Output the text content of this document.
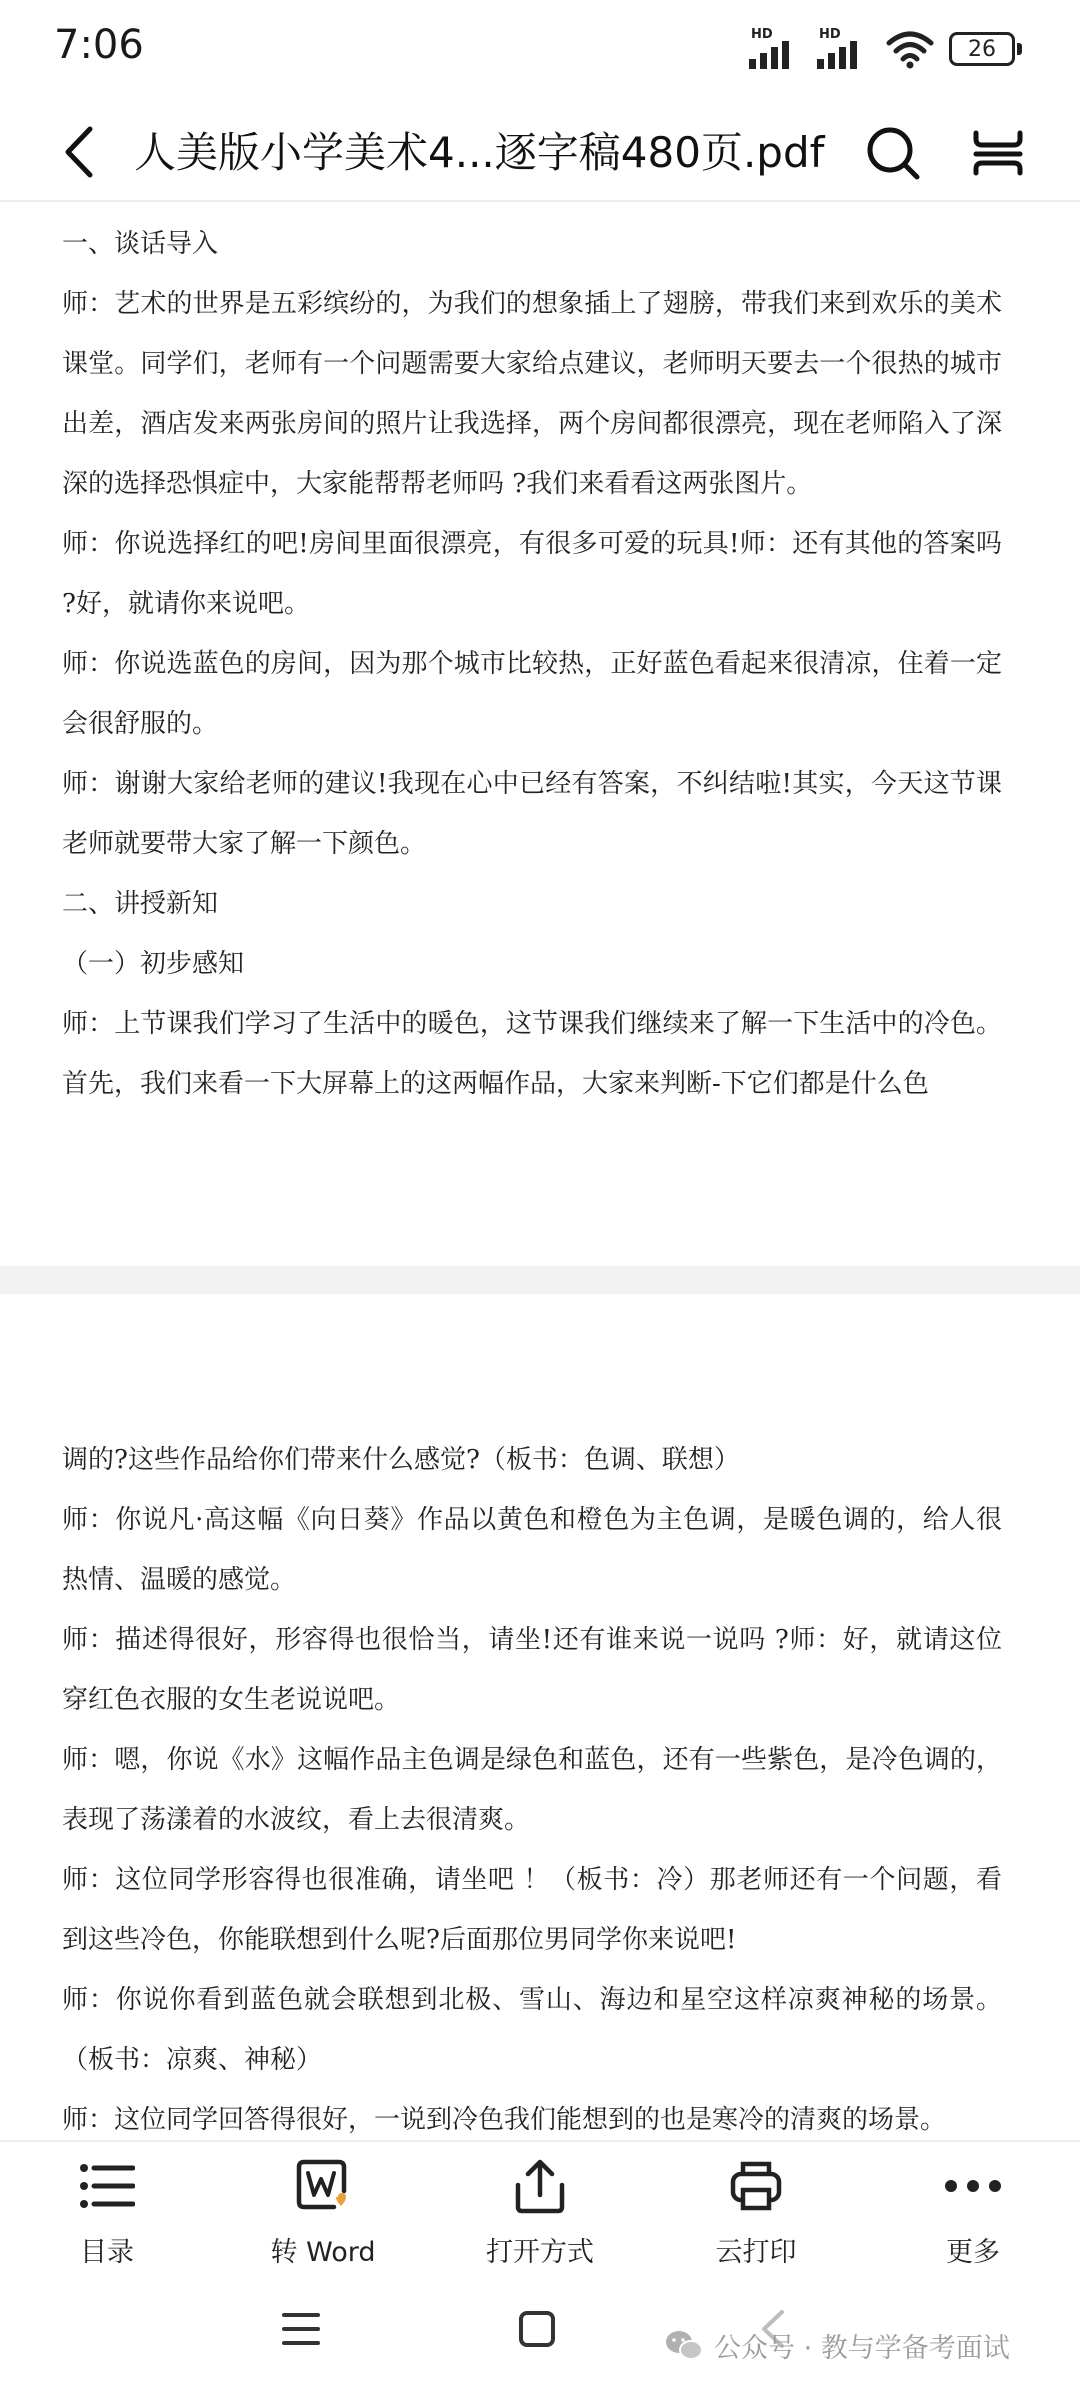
7:06	HD	HD
26
人美版小学美术4...逐字稿480页.pdf

一、谈话导入

师：艺术的世界是五彩缤纷的，为我们的想象插上了翅膀，带我们来到欢乐的美术课堂。同学们，老师有一个问题需要大家给点建议，老师明天要去一个很热的城市出差，酒店发来两张房间的照片让我选择，两个房间都很漂亮，现在老师陷入了深深的选择恐惧症中，大家能帮帮老师吗 ?我们来看看这两张图片。

师：你说选择红的吧!房间里面很漂亮，有很多可爱的玩具!师：还有其他的答案吗 ?好，就请你来说吧。

师：你说选蓝色的房间，因为那个城市比较热，正好蓝色看起来很清凉，住着一定会很舒服的。

师：谢谢大家给老师的建议!我现在心中已经有答案，不纠结啦!其实，今天这节课老师就要带大家了解一下颜色。

二、讲授新知

（一）初步感知

师：上节课我们学习了生活中的暖色，这节课我们继续来了解一下生活中的冷色。首先，我们来看一下大屏幕上的这两幅作品，大家来判断-下它们都是什么色

调的?这些作品给你们带来什么感觉?（板书：色调、联想）

师：你说凡·高这幅《向日葵》作品以黄色和橙色为主色调，是暖色调的，给人很热情、温暖的感觉。

师：描述得很好，形容得也很恰当，请坐!还有谁来说一说吗 ?师：好，就请这位穿红色衣服的女生老说说吧。

师：嗯，你说《水》这幅作品主色调是绿色和蓝色，还有一些紫色，是冷色调的，表现了荡漾着的水波纹，看上去很清爽。

师：这位同学形容得也很准确，请坐吧 ！（板书：冷）那老师还有一个问题，看到这些冷色，你能联想到什么呢?后面那位男同学你来说吧!

师：你说你看到蓝色就会联想到北极、雪山、海边和星空这样凉爽神秘的场景。（板书：凉爽、神秘）

师：这位同学回答得很好，一说到冷色我们能想到的也是寒冷的清爽的场景。

目录	转 Word	打开方式	云打印	更多
公众号 · 教与学备考面试
